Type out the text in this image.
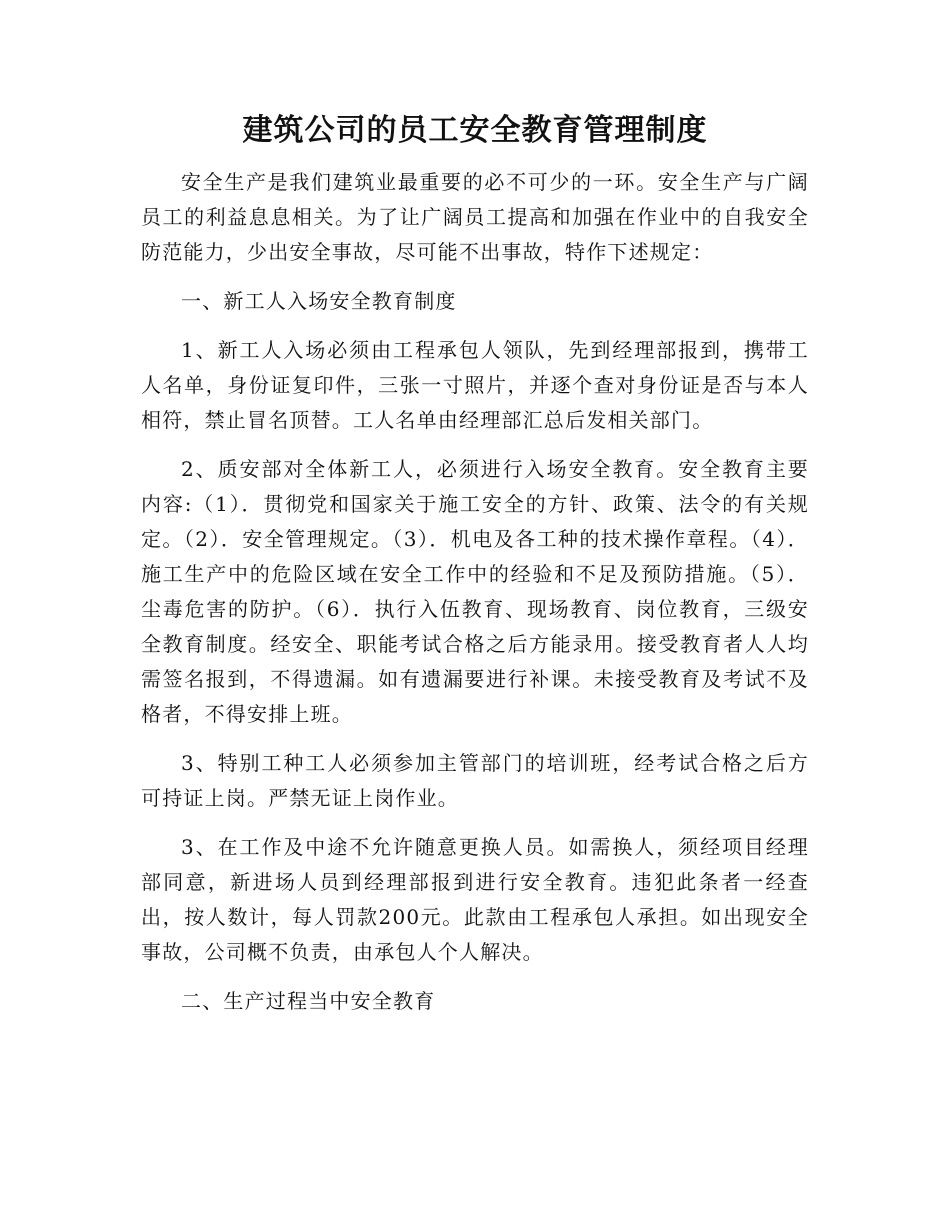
建筑公司的员工安全教育管理制度

安全生产是我们建筑业最重要的必不可少的一环。安全生产与广阔员工的利益息息相关。为了让广阔员工提高和加强在作业中的自我安全防范能力，少出安全事故，尽可能不出事故，特作下述规定：

一、新工人入场安全教育制度

1、新工人入场必须由工程承包人领队，先到经理部报到，携带工人名单，身份证复印件，三张一寸照片，并逐个查对身份证是否与本人相符，禁止冒名顶替。工人名单由经理部汇总后发相关部门。

2、质安部对全体新工人，必须进行入场安全教育。安全教育主要内容:（1）．贯彻党和国家关于施工安全的方针、政策、法令的有关规定。（2）．安全管理规定。（3）．机电及各工种的技术操作章程。（4）．施工生产中的危险区域在安全工作中的经验和不足及预防措施。（5）．尘毒危害的防护。（6）．执行入伍教育、现场教育、岗位教育，三级安全教育制度。经安全、职能考试合格之后方能录用。接受教育者人人均需签名报到，不得遗漏。如有遗漏要进行补课。未接受教育及考试不及格者，不得安排上班。

3、特别工种工人必须参加主管部门的培训班，经考试合格之后方可持证上岗。严禁无证上岗作业。

3、在工作及中途不允许随意更换人员。如需换人，须经项目经理部同意，新进场人员到经理部报到进行安全教育。违犯此条者一经查出，按人数计，每人罚款200元。此款由工程承包人承担。如出现安全事故，公司概不负责，由承包人个人解决。

二、生产过程当中安全教育
